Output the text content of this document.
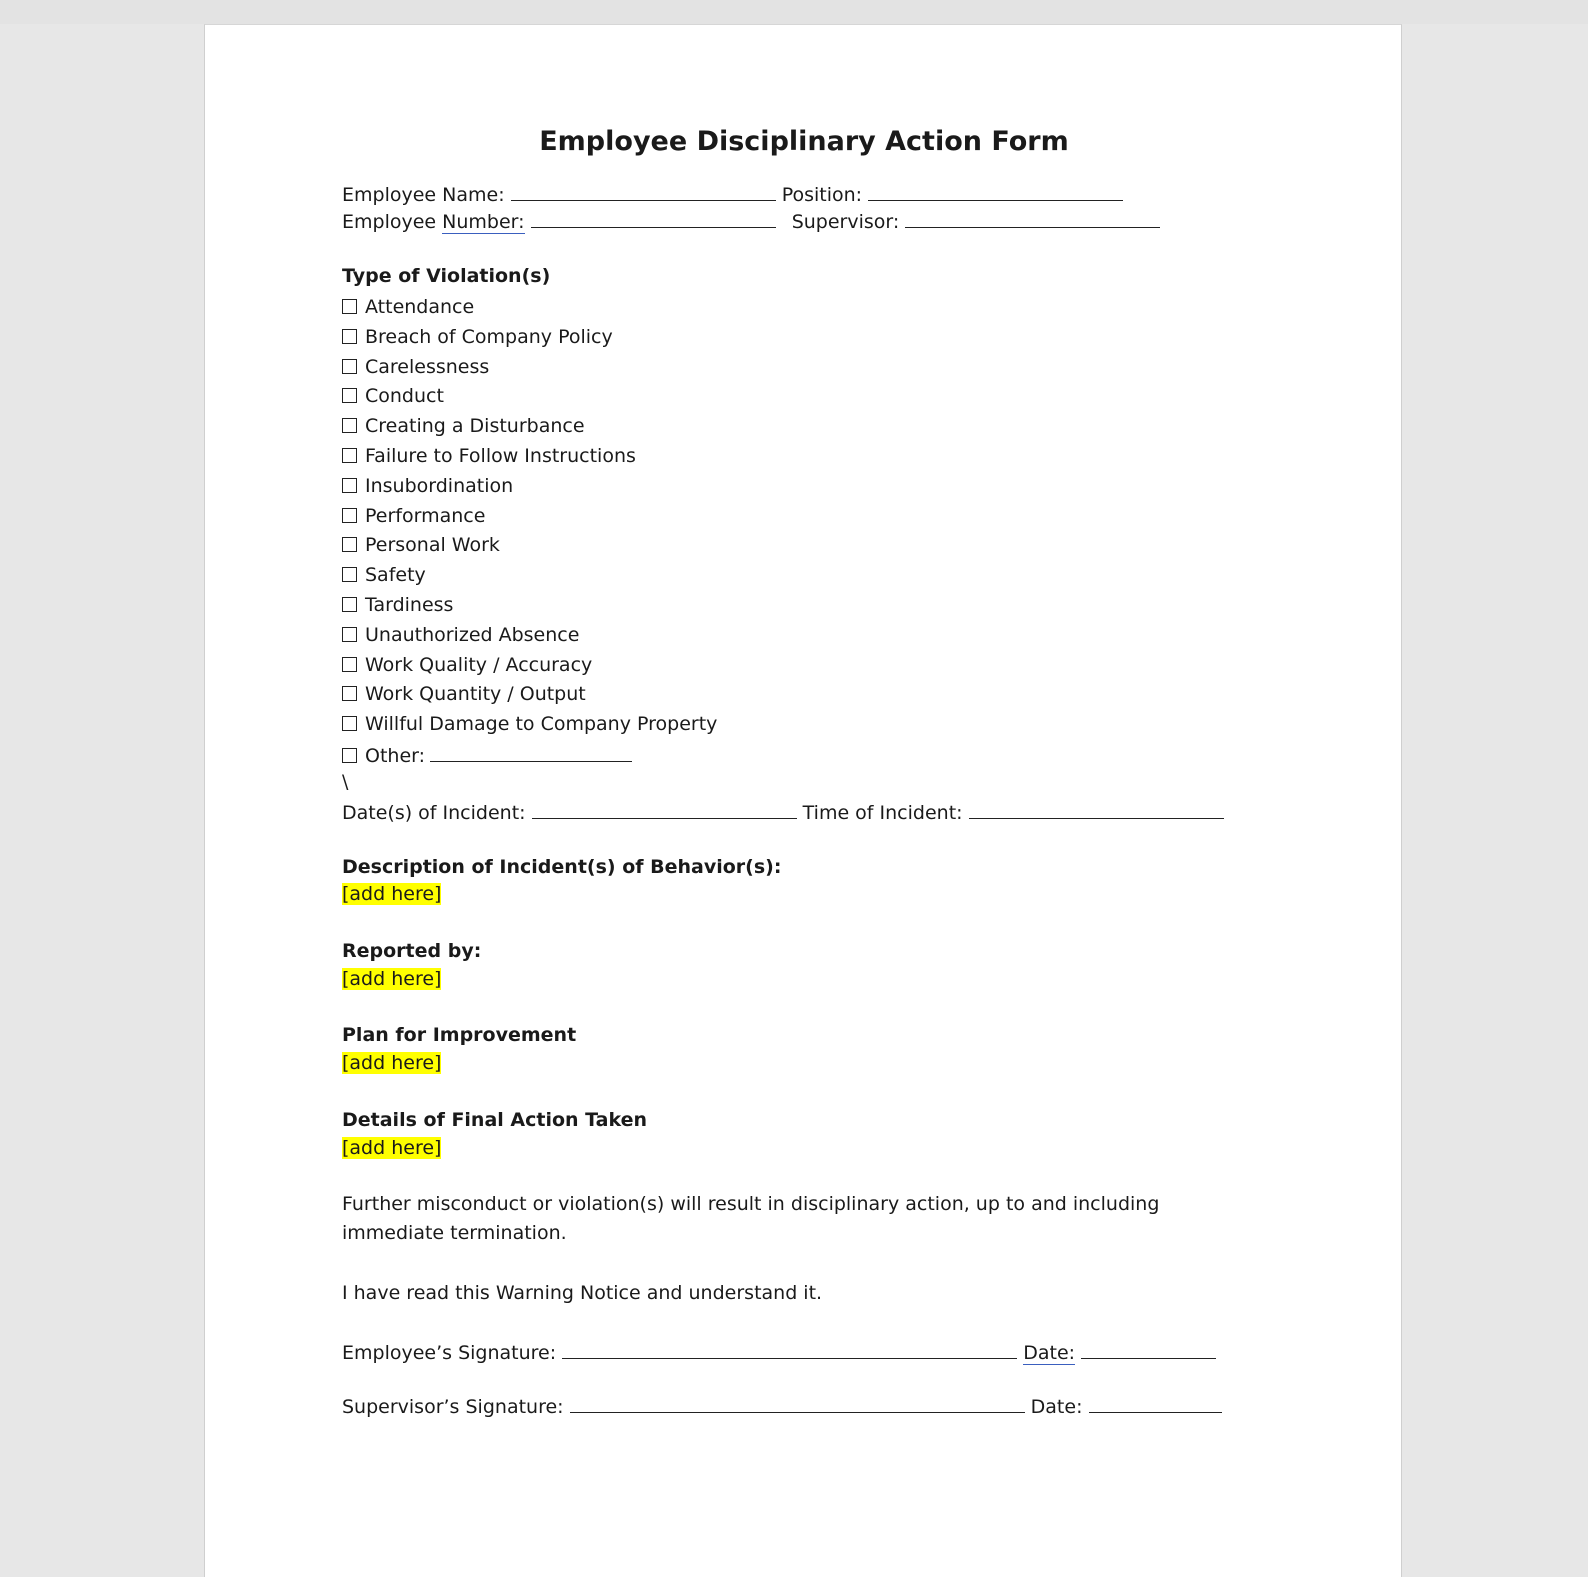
Employee Disciplinary Action Form
Employee Name:	Position:
Employee Number:	Supervisor:
Type of Violation(s)
Attendance
Breach of Company Policy
Carelessness
Conduct
Creating a Disturbance
Failure to Follow Instructions
Insubordination
Performance
Personal Work
Safety
Tardiness
Unauthorized Absence
Work Quality / Accuracy
Work Quantity / Output
Willful Damage to Company Property
Other:
\
Date(s) of Incident:	Time of Incident:
Description of Incident(s) of Behavior(s):
[add here]
Reported by:
[add here]
Plan for Improvement
[add here]
Details of Final Action Taken
[add here]
Further misconduct or violation(s) will result in disciplinary action, up to and including immediate termination.
I have read this Warning Notice and understand it.
Employee’s Signature:	Date:
Supervisor’s Signature:	Date:
